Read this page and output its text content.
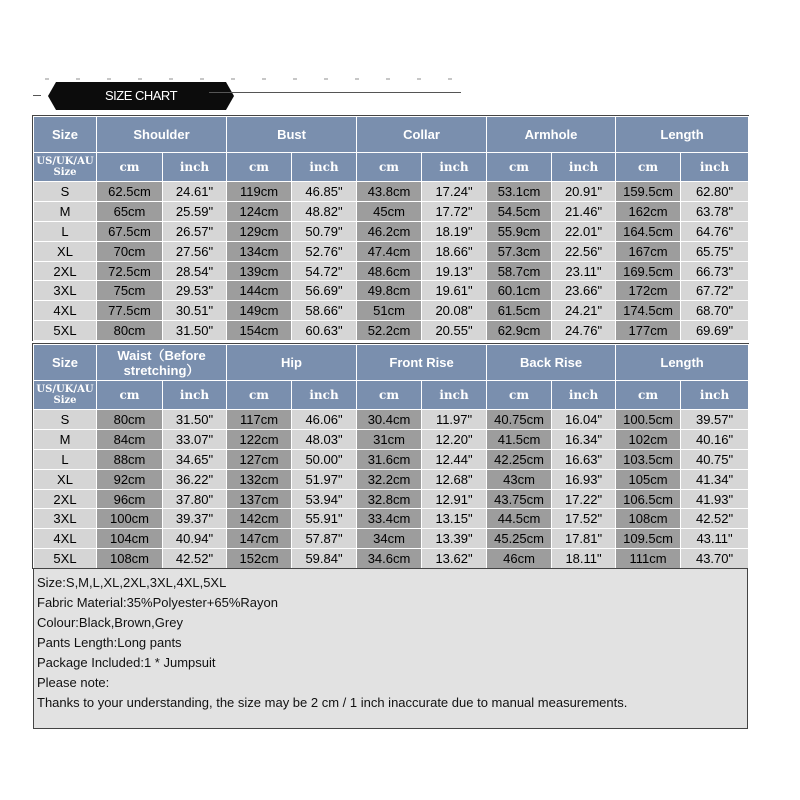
SIZE CHART
Size	Shoulder		Bust		Collar		Armhole		Length	
US/UK/AU Size	cm	inch	cm	inch	cm	inch	cm	inch	cm	inch
S	62.5cm	24.61"	119cm	46.85"	43.8cm	17.24"	53.1cm	20.91"	159.5cm	62.80"
M	65cm	25.59"	124cm	48.82"	45cm	17.72"	54.5cm	21.46"	162cm	63.78"
L	67.5cm	26.57"	129cm	50.79"	46.2cm	18.19"	55.9cm	22.01"	164.5cm	64.76"
XL	70cm	27.56"	134cm	52.76"	47.4cm	18.66"	57.3cm	22.56"	167cm	65.75"
2XL	72.5cm	28.54"	139cm	54.72"	48.6cm	19.13"	58.7cm	23.11"	169.5cm	66.73"
3XL	75cm	29.53"	144cm	56.69"	49.8cm	19.61"	60.1cm	23.66"	172cm	67.72"
4XL	77.5cm	30.51"	149cm	58.66"	51cm	20.08"	61.5cm	24.21"	174.5cm	68.70"
5XL	80cm	31.50"	154cm	60.63"	52.2cm	20.55"	62.9cm	24.76"	177cm	69.69"
Size	Waist（Before stretching）		Hip		Front Rise		Back Rise		Length	
US/UK/AU Size	cm	inch	cm	inch	cm	inch	cm	inch	cm	inch
S	80cm	31.50"	117cm	46.06"	30.4cm	11.97"	40.75cm	16.04"	100.5cm	39.57"
M	84cm	33.07"	122cm	48.03"	31cm	12.20"	41.5cm	16.34"	102cm	40.16"
L	88cm	34.65"	127cm	50.00"	31.6cm	12.44"	42.25cm	16.63"	103.5cm	40.75"
XL	92cm	36.22"	132cm	51.97"	32.2cm	12.68"	43cm	16.93"	105cm	41.34"
2XL	96cm	37.80"	137cm	53.94"	32.8cm	12.91"	43.75cm	17.22"	106.5cm	41.93"
3XL	100cm	39.37"	142cm	55.91"	33.4cm	13.15"	44.5cm	17.52"	108cm	42.52"
4XL	104cm	40.94"	147cm	57.87"	34cm	13.39"	45.25cm	17.81"	109.5cm	43.11"
5XL	108cm	42.52"	152cm	59.84"	34.6cm	13.62"	46cm	18.11"	111cm	43.70"
Size:S,M,L,XL,2XL,3XL,4XL,5XL
Fabric Material:35%Polyester+65%Rayon
Colour:Black,Brown,Grey
Pants Length:Long pants
Package Included:1 * Jumpsuit
Please note:
Thanks to your understanding, the size may be 2 cm / 1 inch inaccurate due to manual measurements.
